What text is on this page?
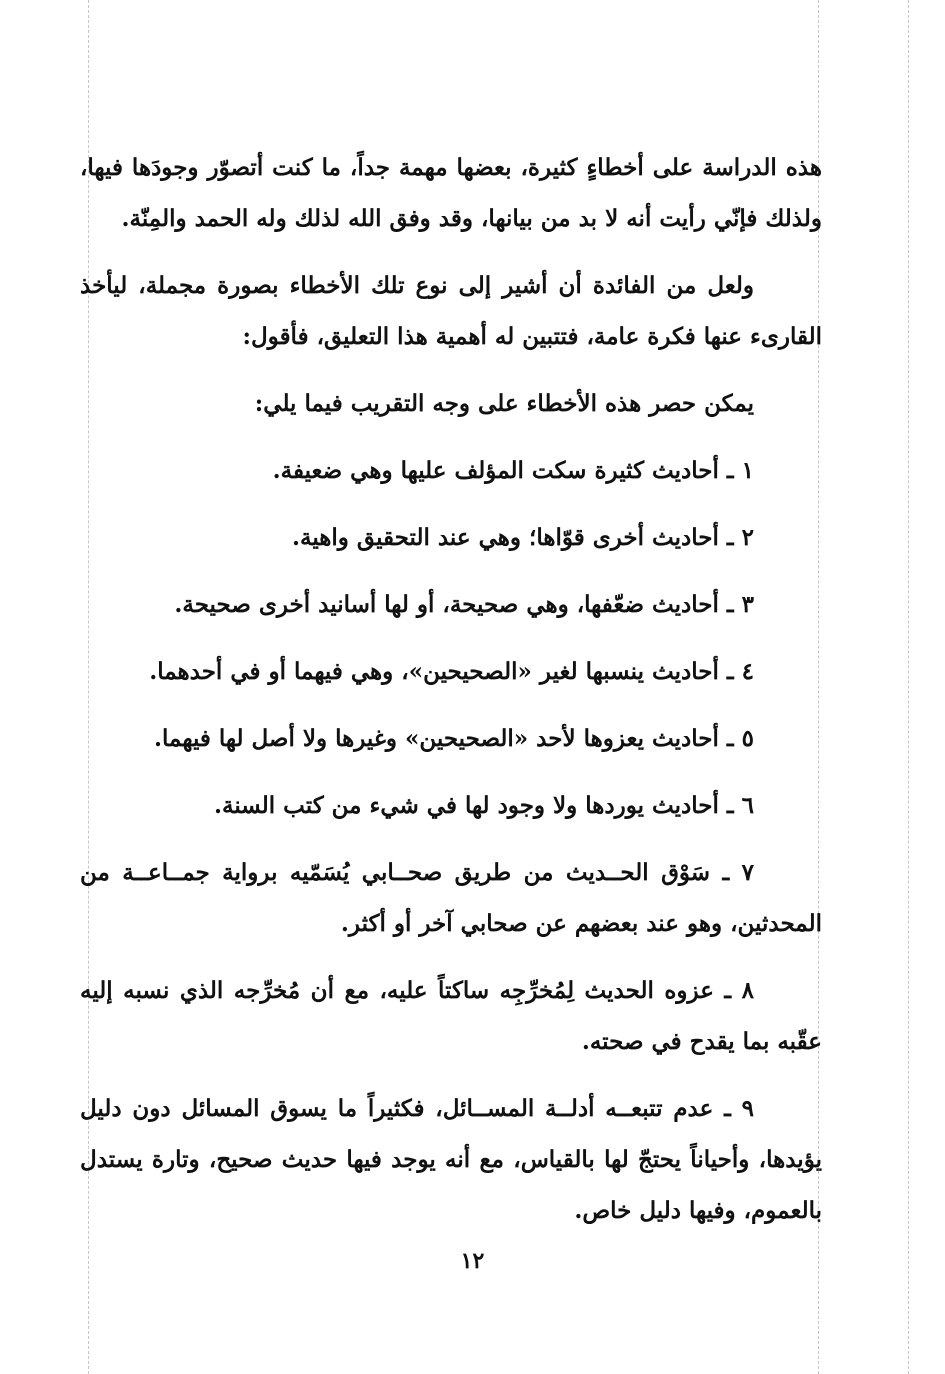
هذه الدراسة على أخطاءٍ كثيرة، بعضها مهمة جداً، ما كنت أتصوّر وجودَها فيها، ولذلك فإنّي رأيت أنه لا بد من بيانها، وقد وفق الله لذلك وله الحمد والمِنّة.

ولعل من الفائدة أن أشير إلى نوع تلك الأخطاء بصورة مجملة، ليأخذ القارىء عنها فكرة عامة، فتتبين له أهمية هذا التعليق، فأقول:

يمكن حصر هذه الأخطاء على وجه التقريب فيما يلي:

١ ـ أحاديث كثيرة سكت المؤلف عليها وهي ضعيفة.

٢ ـ أحاديث أخرى قوّاها؛ وهي عند التحقيق واهية.

٣ ـ أحاديث ضعّفها، وهي صحيحة، أو لها أسانيد أخرى صحيحة.

٤ ـ أحاديث ينسبها لغير «الصحيحين»، وهي فيهما أو في أحدهما.

٥ ـ أحاديث يعزوها لأحد «الصحيحين» وغيرها ولا أصل لها فيهما.

٦ ـ أحاديث يوردها ولا وجود لها في شيء من كتب السنة.

٧ ـ سَوْق الحــديث من طريق صحــابي يُسَمّيه برواية جمــاعــة من المحدثين، وهو عند بعضهم عن صحابي آخر أو أكثر.

٨ ـ عزوه الحديث لِمُخرِّجِه ساكتاً عليه، مع أن مُخرِّجه الذي نسبه إليه عقّبه بما يقدح في صحته.

٩ ـ عدم تتبعــه أدلــة المســائل، فكثيراً ما يسوق المسائل دون دليل يؤيدها، وأحياناً يحتجّ لها بالقياس، مع أنه يوجد فيها حديث صحيح، وتارة يستدل بالعموم، وفيها دليل خاص.

١٢
